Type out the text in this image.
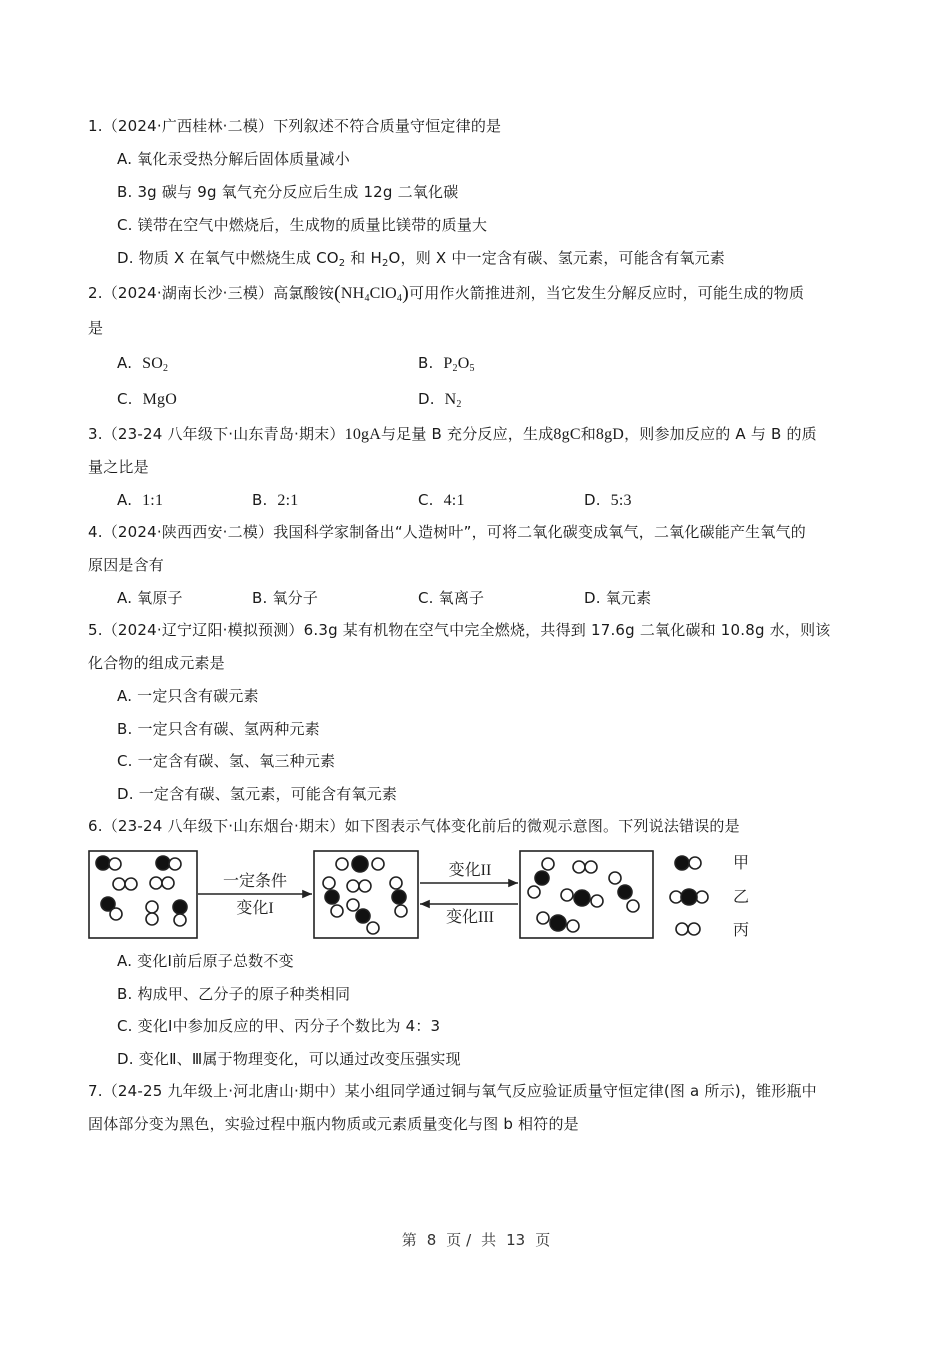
1.（2024·广西桂林·二模）下列叙述不符合质量守恒定律的是
A. 氧化汞受热分解后固体质量减小
B. 3g 碳与 9g 氧气充分反应后生成 12g 二氧化碳
C. 镁带在空气中燃烧后，生成物的质量比镁带的质量大
D. 物质 X 在氧气中燃烧生成 $CO_2$ 和 $H_2O$，则 X 中一定含有碳、氢元素，可能含有氧元素
2.（2024·湖南长沙·三模）高氯酸铵$(NH_4ClO_4)$可用作火箭推进剂，当它发生分解反应时，可能生成的物质
是
A. $SO_2$	B. $P_2O_5$
C. MgO	D. $N_2$
3.（23-24 八年级下·山东青岛·期末）10gA与足量 B 充分反应，生成8gC和8gD，则参加反应的 A 与 B 的质
量之比是
A. 1:1	B. 2:1	C. 4:1	D. 5:3
4.（2024·陕西西安·二模）我国科学家制备出“人造树叶”，可将二氧化碳变成氧气，二氧化碳能产生氧气的
原因是含有
A. 氧原子	B. 氧分子	C. 氧离子	D. 氧元素
5.（2024·辽宁辽阳·模拟预测）6.3g 某有机物在空气中完全燃烧，共得到 17.6g 二氧化碳和 10.8g 水，则该
化合物的组成元素是
A. 一定只含有碳元素
B. 一定只含有碳、氢两种元素
C. 一定含有碳、氢、氧三种元素
D. 一定含有碳、氢元素，可能含有氧元素
6.（23-24 八年级下·山东烟台·期末）如下图表示气体变化前后的微观示意图。下列说法错误的是
一定条件
变化I
变化II
变化III
甲
乙
丙
A. 变化Ⅰ前后原子总数不变
B. 构成甲、乙分子的原子种类相同
C. 变化Ⅰ中参加反应的甲、丙分子个数比为 4：3
D. 变化Ⅱ、Ⅲ属于物理变化，可以通过改变压强实现
7.（24-25 九年级上·河北唐山·期中）某小组同学通过铜与氧气反应验证质量守恒定律(图 a 所示)，锥形瓶中
固体部分变为黑色，实验过程中瓶内物质或元素质量变化与图 b 相符的是
第 8 页 / 共 13 页
